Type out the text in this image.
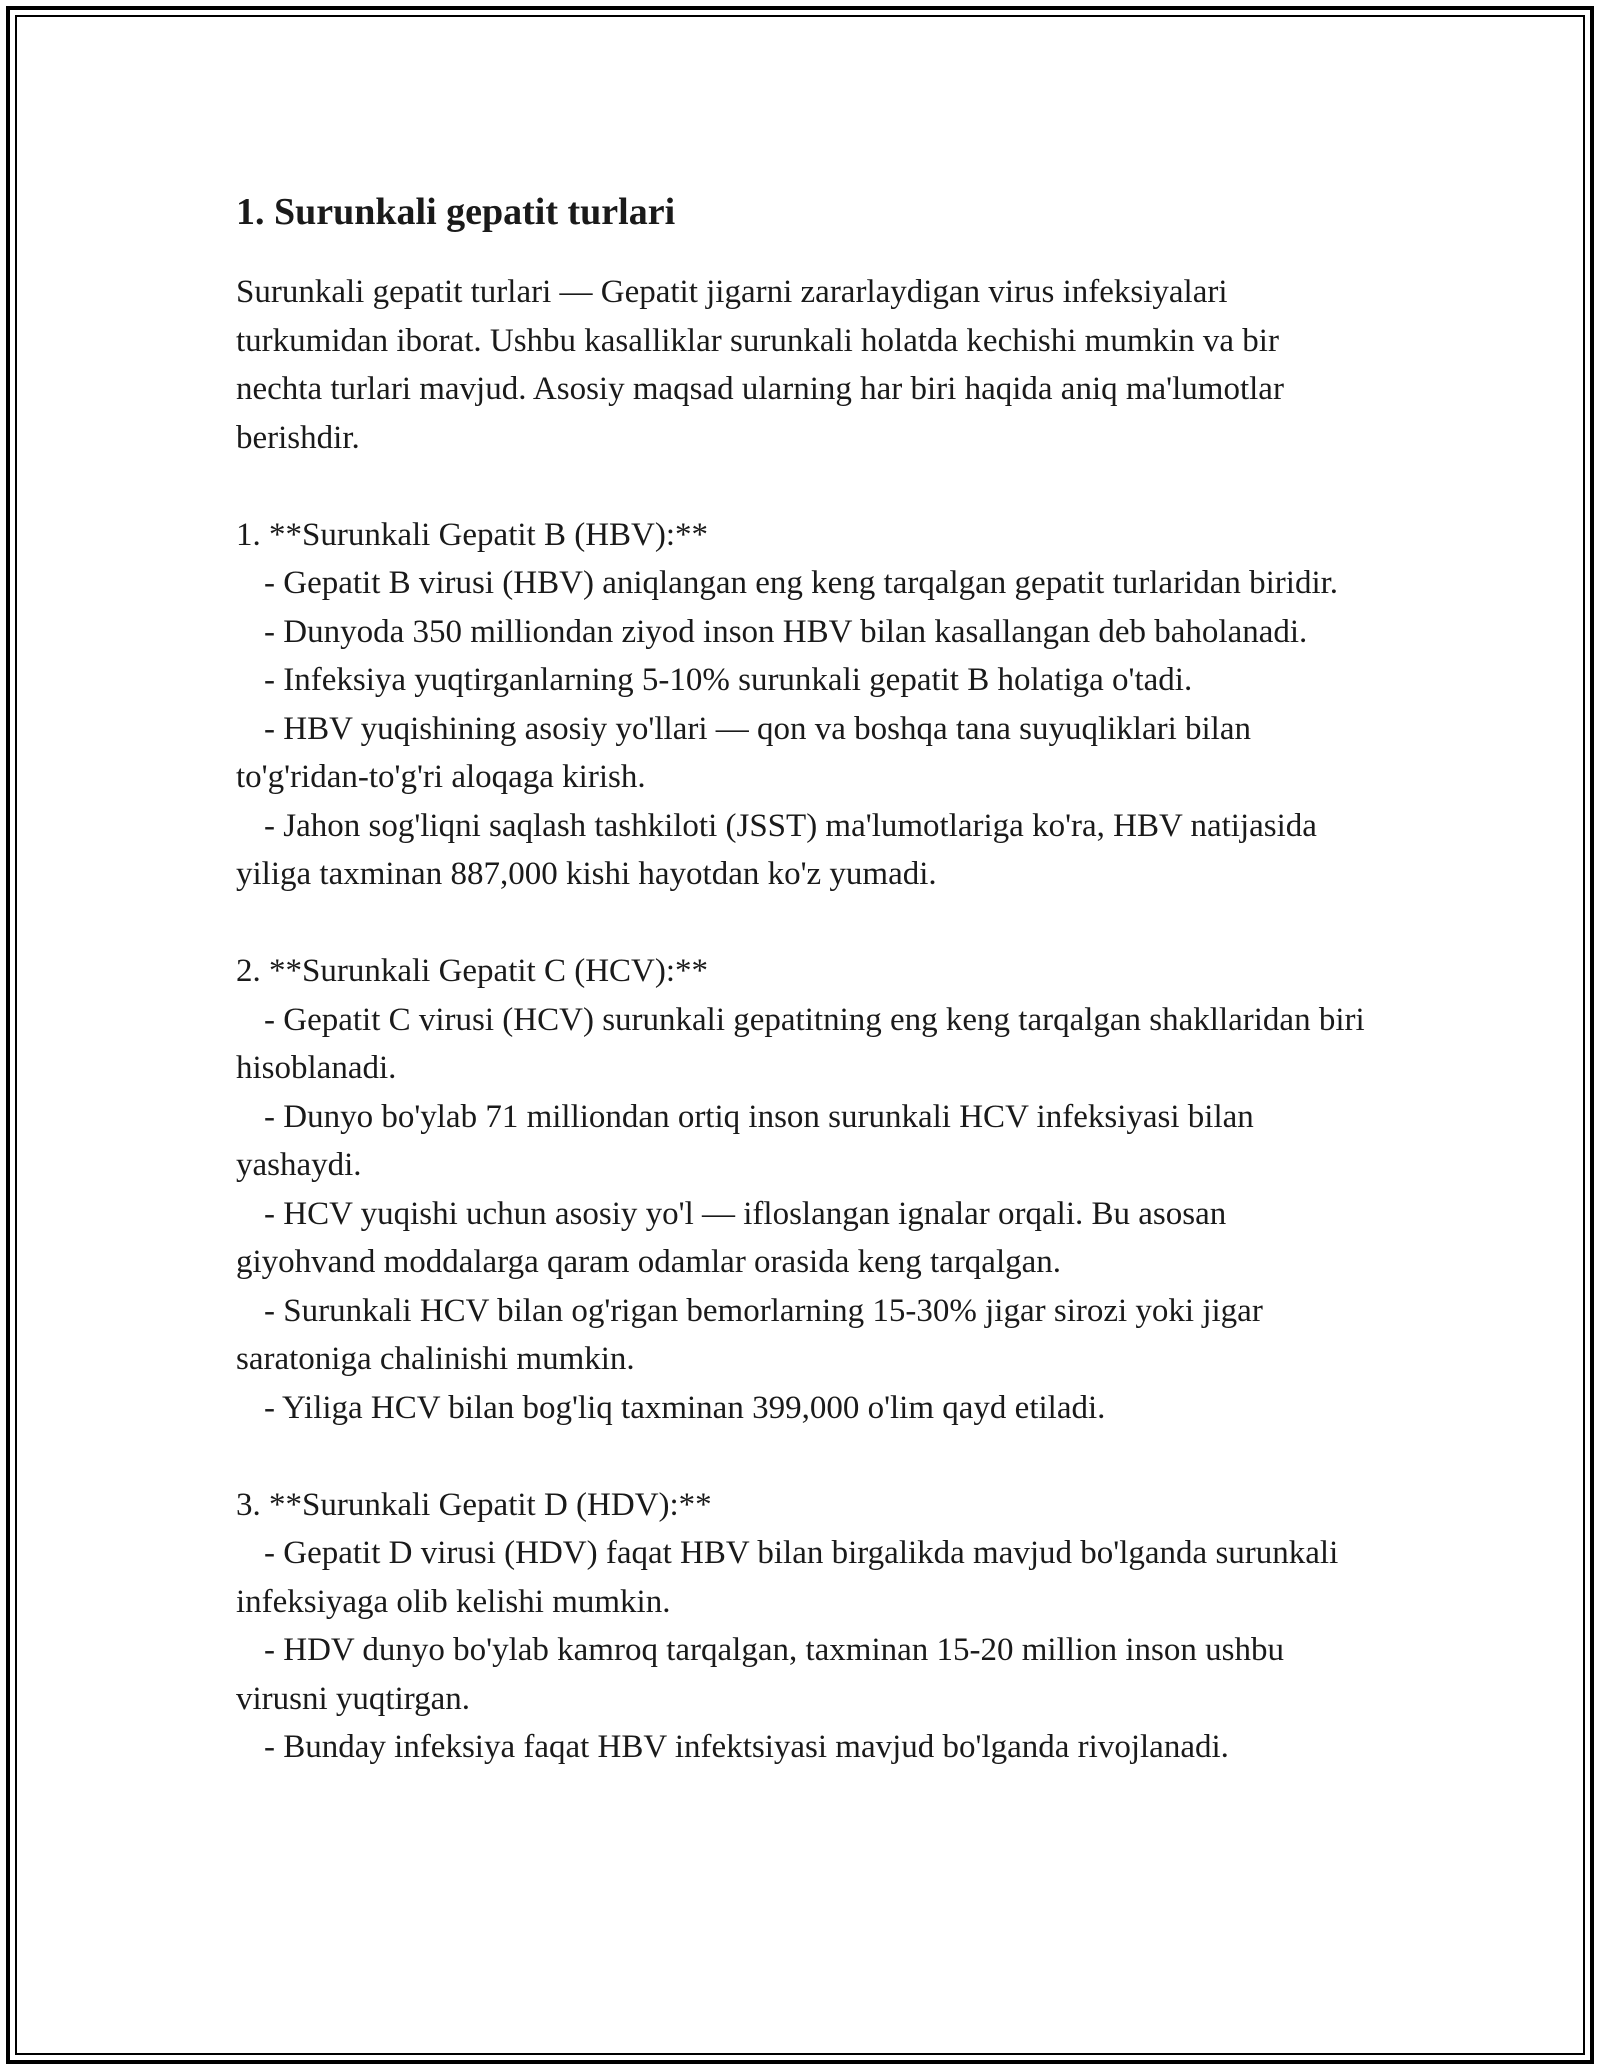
1. Surunkali gepatit turlari

Surunkali gepatit turlari — Gepatit jigarni zararlaydigan virus infeksiyalari turkumidan iborat. Ushbu kasalliklar surunkali holatda kechishi mumkin va bir nechta turlari mavjud. Asosiy maqsad ularning har biri haqida aniq ma'lumotlar berishdir.

1. **Surunkali Gepatit B (HBV):**

- Gepatit B virusi (HBV) aniqlangan eng keng tarqalgan gepatit turlaridan biridir.

- Dunyoda 350 milliondan ziyod inson HBV bilan kasallangan deb baholanadi.

- Infeksiya yuqtirganlarning 5-10% surunkali gepatit B holatiga o'tadi.

- HBV yuqishining asosiy yo'llari — qon va boshqa tana suyuqliklari bilan to'g'ridan-to'g'ri aloqaga kirish.

- Jahon sog'liqni saqlash tashkiloti (JSST) ma'lumotlariga ko'ra, HBV natijasida yiliga taxminan 887,000 kishi hayotdan ko'z yumadi.

2. **Surunkali Gepatit C (HCV):**

- Gepatit C virusi (HCV) surunkali gepatitning eng keng tarqalgan shakllaridan biri hisoblanadi.

- Dunyo bo'ylab 71 milliondan ortiq inson surunkali HCV infeksiyasi bilan yashaydi.

- HCV yuqishi uchun asosiy yo'l — ifloslangan ignalar orqali. Bu asosan giyohvand moddalarga qaram odamlar orasida keng tarqalgan.

- Surunkali HCV bilan og'rigan bemorlarning 15-30% jigar sirozi yoki jigar saratoniga chalinishi mumkin.

- Yiliga HCV bilan bog'liq taxminan 399,000 o'lim qayd etiladi.

3. **Surunkali Gepatit D (HDV):**

- Gepatit D virusi (HDV) faqat HBV bilan birgalikda mavjud bo'lganda surunkali infeksiyaga olib kelishi mumkin.

- HDV dunyo bo'ylab kamroq tarqalgan, taxminan 15-20 million inson ushbu virusni yuqtirgan.

- Bunday infeksiya faqat HBV infektsiyasi mavjud bo'lganda rivojlanadi.
